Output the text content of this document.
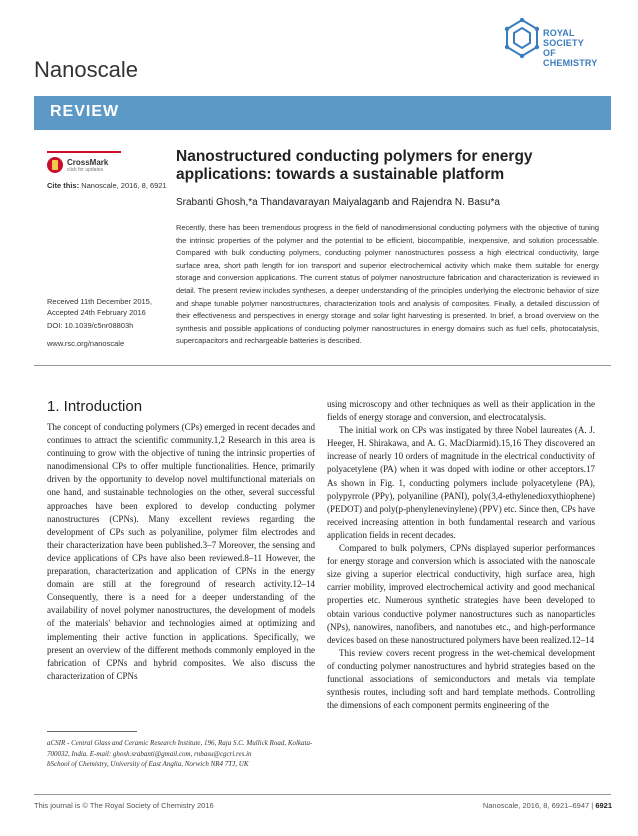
Nanoscale
ROYAL SOCIETY
OF CHEMISTRY
REVIEW
CrossMark
click for updates
Cite this: Nanoscale, 2016, 8, 6921
Received 11th December 2015,
Accepted 24th February 2016
DOI: 10.1039/c5nr08803h
www.rsc.org/nanoscale
Nanostructured conducting polymers for energy
applications: towards a sustainable platform
Srabanti Ghosh,*a Thandavarayan Maiyalaganb and Rajendra N. Basu*a
Recently, there has been tremendous progress in the field of nanodimensional conducting polymers with the objective of tuning the intrinsic properties of the polymer and the potential to be efficient, biocompatible, inexpensive, and solution processable. Compared with bulk conducting polymers, conducting polymer nanostructures possess a high electrical conductivity, large surface area, short path length for ion transport and superior electrochemical activity which make them suitable for energy storage and conversion applications. The current status of polymer nanostructure fabrication and characterization is reviewed in detail. The present review includes syntheses, a deeper understanding of the principles underlying the electronic behavior of size and shape tunable polymer nanostructures, characterization tools and analysis of composites. Finally, a detailed discussion of their effectiveness and perspectives in energy storage and solar light harvesting is presented. In brief, a broad overview on the synthesis and possible applications of conducting polymer nanostructures in energy domains such as fuel cells, photocatalysis, supercapacitors and rechargeable batteries is described.
1. Introduction

The concept of conducting polymers (CPs) emerged in recent decades and continues to attract the scientific community.1,2 Research in this area is continuing to grow with the objective of tuning the intrinsic properties of nanodimensional CPs to offer multiple functionalities. Hence, primarily driven by the opportunity to develop novel multifunctional materials on one hand, and sustainable technologies on the other, several successful approaches have been explored to develop conducting polymer nanostructures (CPNs). Many excellent reviews regarding the development of CPs such as polyaniline, polymer film electrodes and their characterization have been published.3–7 Moreover, the sensing and device applications of CPs have also been reviewed.8–11 However, the preparation, characterization and application of CPNs in the energy domain are still at the foreground of research activity.12–14 Consequently, there is a need for a deeper understanding of the availability of novel polymer nanostructures, the development of models of the materials' behavior and technologies aimed at optimizing and implementing their active function in applications. Specifically, we present an overview of the different methods commonly employed in the fabrication of CPNs and hybrid composites. We also discuss the characterization of CPNs

using microscopy and other techniques as well as their application in the fields of energy storage and conversion, and electrocatalysis.

The initial work on CPs was instigated by three Nobel laureates (A. J. Heeger, H. Shirakawa, and A. G. MacDiarmid).15,16 They discovered an increase of nearly 10 orders of magnitude in the electrical conductivity of polyacetylene (PA) when it was doped with iodine or other acceptors.17 As shown in Fig. 1, conducting polymers include polyacetylene (PA), polypyrrole (PPy), polyaniline (PANI), poly(3,4-ethylenedioxythiophene) (PEDOT) and poly(p-phenylenevinylene) (PPV) etc. Since then, CPs have received increasing attention in both fundamental research and various application fields in recent decades.

Compared to bulk polymers, CPNs displayed superior performances for energy storage and conversion which is associated with the nanoscale size giving a superior electrical conductivity, high surface area, high carrier mobility, improved electrochemical activity and good mechanical properties etc. Numerous synthetic strategies have been developed to obtain various conductive polymer nanostructures such as nanoparticles (NPs), nanowires, nanofibers, and nanotubes etc., and high-performance devices based on these nanostructured polymers have been realized.12–14

This review covers recent progress in the wet-chemical development of conducting polymer nanostructures and hybrid strategies based on the functional associations of semiconductors and metals via template synthesis routes, including soft and hard template methods. Controlling the dimensions of each component permits engineering of the

aCSIR - Central Glass and Ceramic Research Institute, 196, Raja S.C. Mullick Road, Kolkata-700032, India. E-mail: ghosh.srabanti@gmail.com, rnbasu@cgcri.res.in

bSchool of Chemistry, University of East Anglia, Norwich NR4 7TJ, UK

This journal is © The Royal Society of Chemistry 2016	Nanoscale, 2016, 8, 6921–6947 | 6921
